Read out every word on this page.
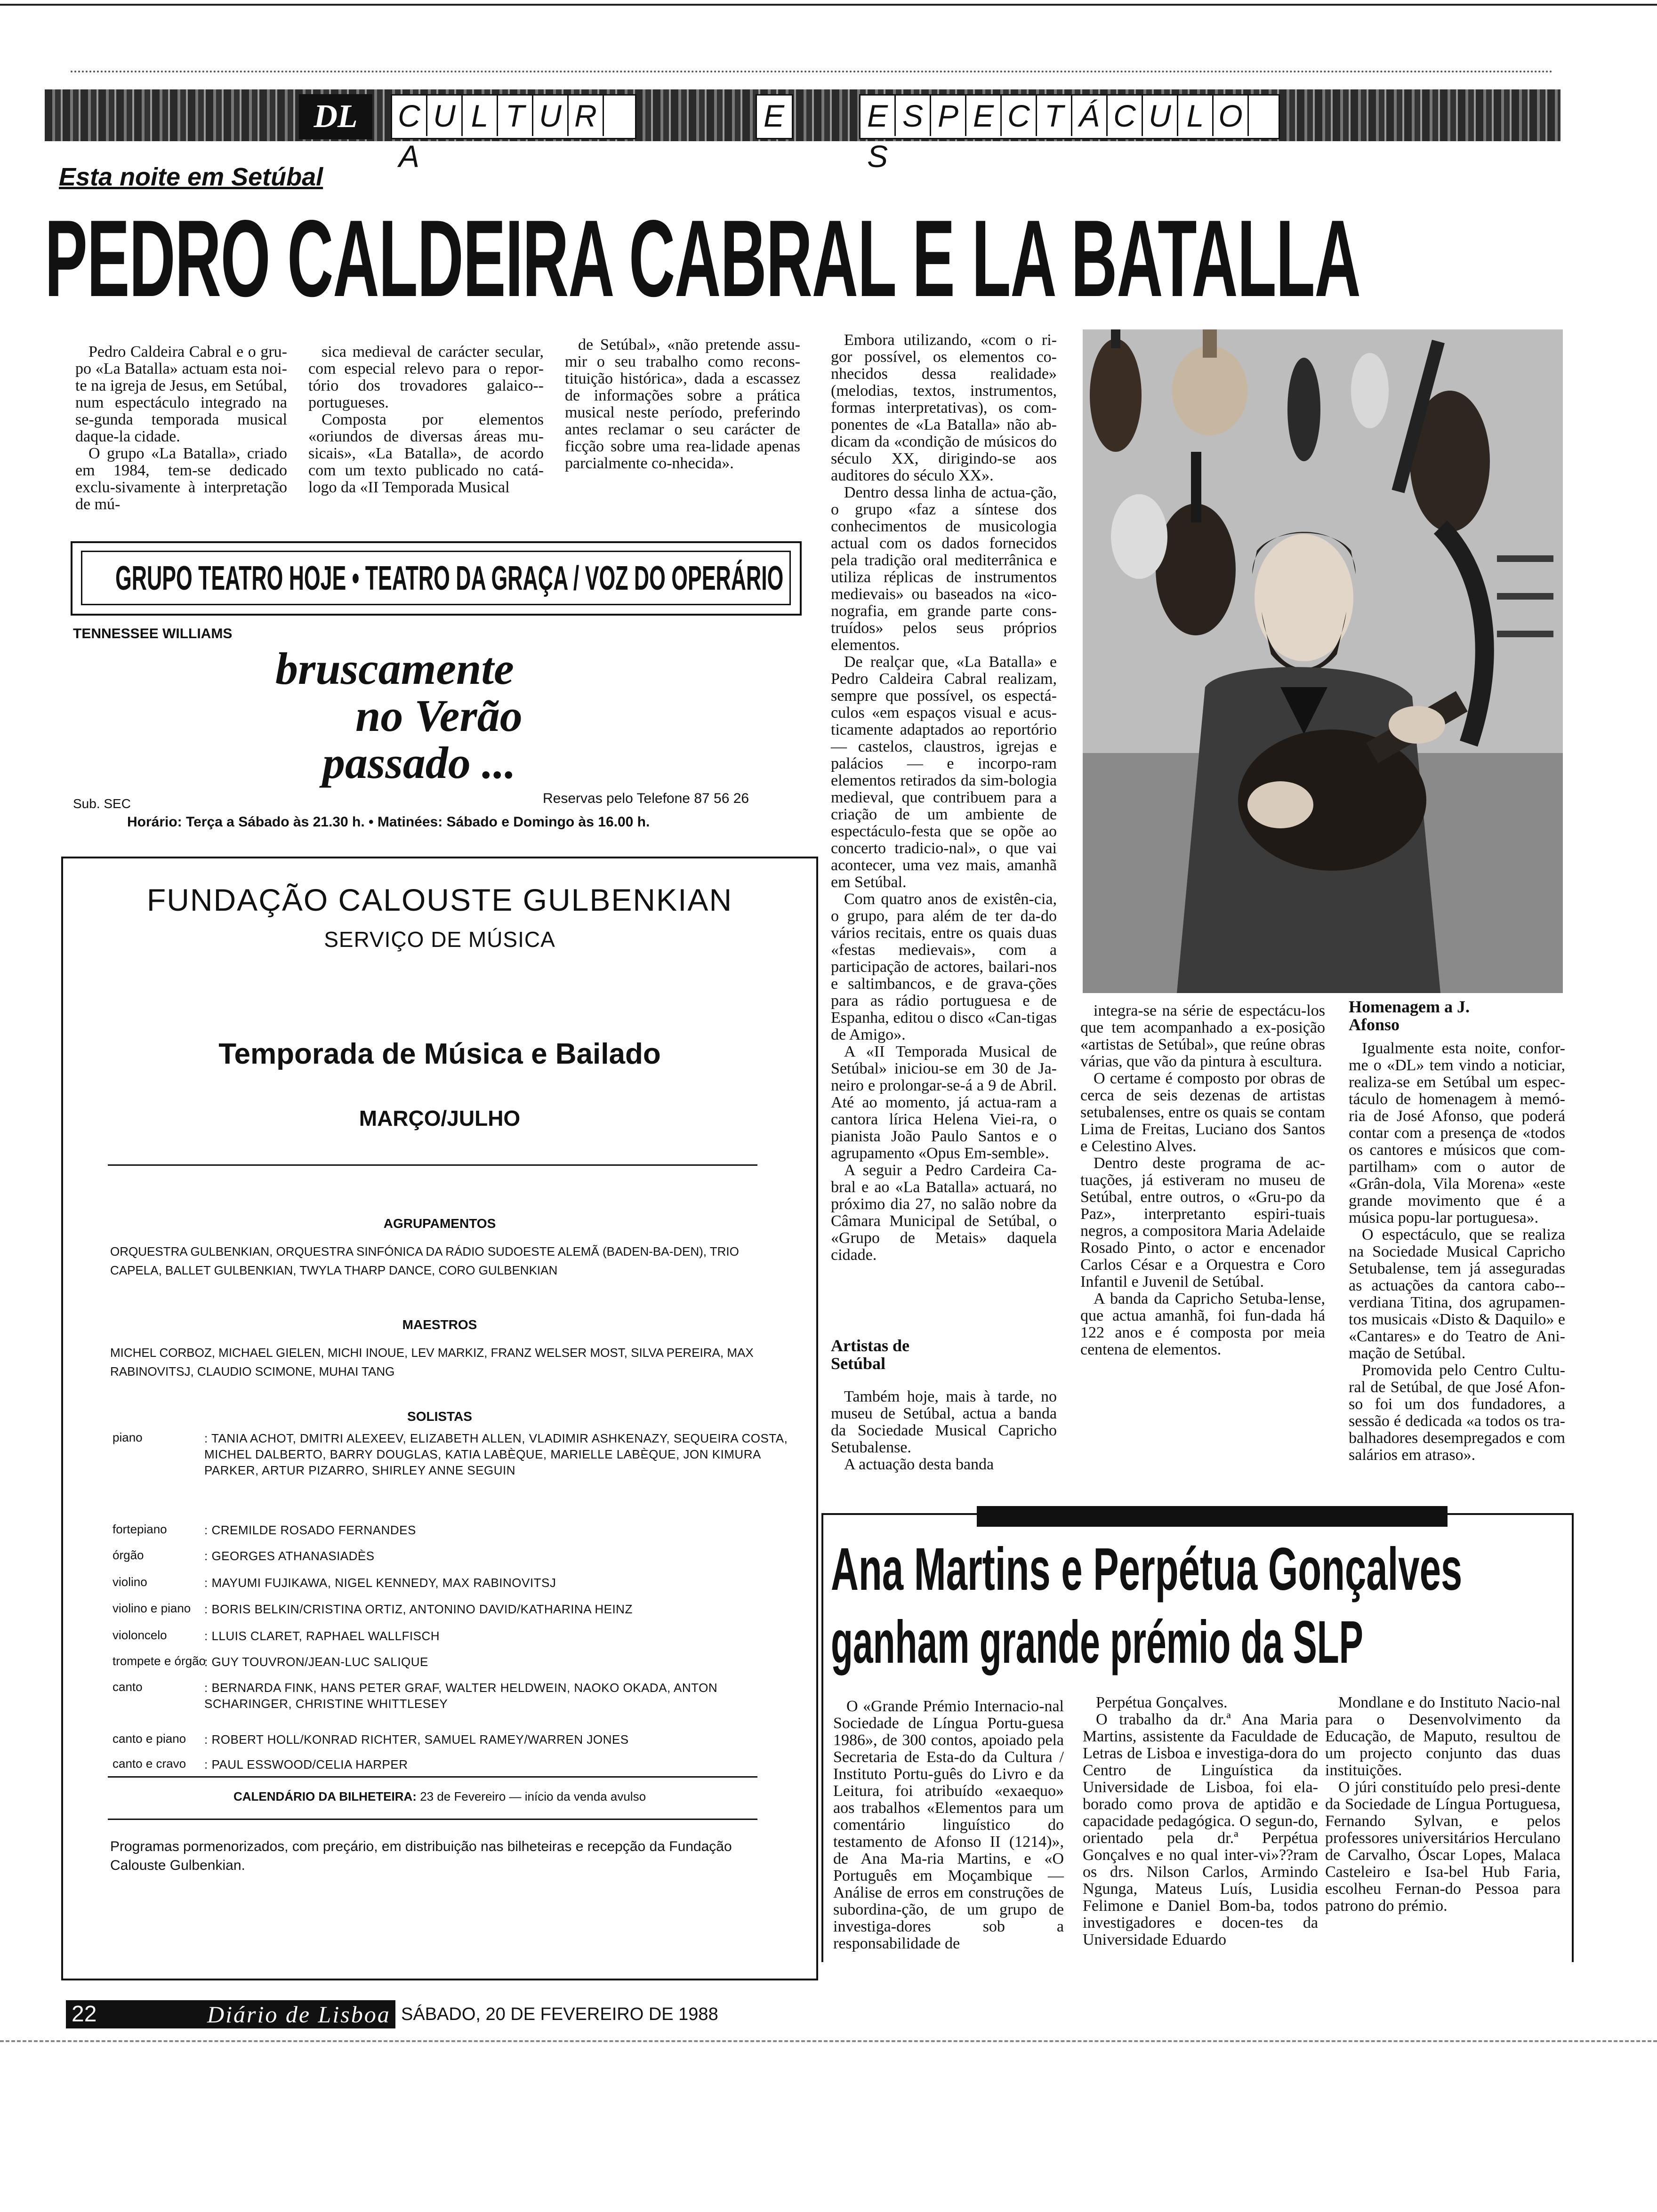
DL	C U L T U RA
E	E S P E C T Á C U L OS
Esta noite em Setúbal
PEDRO CALDEIRA CABRAL E LA BATALLA

Pedro Caldeira Cabral e o gru-po «La Batalla» actuam esta noi-te na igreja de Jesus, em Setúbal, num espectáculo integrado na se-gunda temporada musical daque-la cidade.

O grupo «La Batalla», criado em 1984, tem-se dedicado exclu-sivamente à interpretação de mú-

sica medieval de carácter secular, com especial relevo para o repor-tório dos trovadores galaico--portugueses.

Composta por elementos «oriundos de diversas áreas mu-sicais», «La Batalla», de acordo com um texto publicado no catá-logo da «II Temporada Musical

de Setúbal», «não pretende assu-mir o seu trabalho como recons-tituição histórica», dada a escassez de informações sobre a prática musical neste período, preferindo antes reclamar o seu carácter de ficção sobre uma rea-lidade apenas parcialmente co-nhecida».

Embora utilizando, «com o ri-gor possível, os elementos co-nhecidos dessa realidade» (melodias, textos, instrumentos, formas interpretativas), os com-ponentes de «La Batalla» não ab-dicam da «condição de músicos do século XX, dirigindo-se aos auditores do século XX».

Dentro dessa linha de actua-ção, o grupo «faz a síntese dos conhecimentos de musicologia actual com os dados fornecidos pela tradição oral mediterrânica e utiliza réplicas de instrumentos medievais» ou baseados na «ico-nografia, em grande parte cons-truídos» pelos seus próprios elementos.

De realçar que, «La Batalla» e Pedro Caldeira Cabral realizam, sempre que possível, os espectá-culos «em espaços visual e acus-ticamente adaptados ao reportório — castelos, claustros, igrejas e palácios — e incorpo-ram elementos retirados da sim-bologia medieval, que contribuem para a criação de um ambiente de espectáculo-festa que se opõe ao concerto tradicio-nal», o que vai acontecer, uma vez mais, amanhã em Setúbal.

Com quatro anos de existên-cia, o grupo, para além de ter da-do vários recitais, entre os quais duas «festas medievais», com a participação de actores, bailari-nos e saltimbancos, e de grava-ções para as rádio portuguesa e de Espanha, editou o disco «Can-tigas de Amigo».

A «II Temporada Musical de Setúbal» iniciou-se em 30 de Ja-neiro e prolongar-se-á a 9 de Abril. Até ao momento, já actua-ram a cantora lírica Helena Viei-ra, o pianista João Paulo Santos e o agrupamento «Opus Em-semble».

A seguir a Pedro Cardeira Ca-bral e ao «La Batalla» actuará, no próximo dia 27, no salão nobre da Câmara Municipal de Setúbal, o «Grupo de Metais» daquela cidade.

Artistas de Setúbal

Também hoje, mais à tarde, no museu de Setúbal, actua a banda da Sociedade Musical Capricho Setubalense.

A actuação desta banda

integra-se na série de espectácu-los que tem acompanhado a ex-posição «artistas de Setúbal», que reúne obras várias, que vão da pintura à escultura.

O certame é composto por obras de cerca de seis dezenas de artistas setubalenses, entre os quais se contam Lima de Freitas, Luciano dos Santos e Celestino Alves.

Dentro deste programa de ac-tuações, já estiveram no museu de Setúbal, entre outros, o «Gru-po da Paz», interpretanto espiri-tuais negros, a compositora Maria Adelaide Rosado Pinto, o actor e encenador Carlos César e a Orquestra e Coro Infantil e Juvenil de Setúbal.

A banda da Capricho Setuba-lense, que actua amanhã, foi fun-dada há 122 anos e é composta por meia centena de elementos.

Homenagem a J. Afonso

Igualmente esta noite, confor-me o «DL» tem vindo a noticiar, realiza-se em Setúbal um espec-táculo de homenagem à memó-ria de José Afonso, que poderá contar com a presença de «todos os cantores e músicos que com-partilham» com o autor de «Grân-dola, Vila Morena» «este grande movimento que é a música popu-lar portuguesa».

O espectáculo, que se realiza na Sociedade Musical Capricho Setubalense, tem já asseguradas as actuações da cantora cabo--verdiana Titina, dos agrupamen-tos musicais «Disto & Daquilo» e «Cantares» e do Teatro de Ani-mação de Setúbal.

Promovida pelo Centro Cultu-ral de Setúbal, de que José Afon-so foi um dos fundadores, a sessão é dedicada «a todos os tra-balhadores desempregados e com salários em atraso».

GRUPO TEATRO HOJE • TEATRO DA GRAÇA / VOZ DO OPERÁRIO
TENNESSEE WILLIAMS
bruscamente
no Verão
passado ...
Sub. SEC	Reservas pelo Telefone 87 56 26
Horário: Terça a Sábado às 21.30 h. • Matinées: Sábado e Domingo às 16.00 h.
FUNDAÇÃO CALOUSTE GULBENKIAN
SERVIÇO DE MÚSICA
Temporada de Música e Bailado
MARÇO/JULHO
AGRUPAMENTOS
ORQUESTRA GULBENKIAN, ORQUESTRA SINFÓNICA DA RÁDIO SUDOESTE ALEMÃ (BADEN-BA-DEN), TRIO CAPELA, BALLET GULBENKIAN, TWYLA THARP DANCE, CORO GULBENKIAN
MAESTROS
MICHEL CORBOZ, MICHAEL GIELEN, MICHI INOUE, LEV MARKIZ, FRANZ WELSER MOST, SILVA PEREIRA, MAX RABINOVITSJ, CLAUDIO SCIMONE, MUHAI TANG
SOLISTAS
piano	: TANIA ACHOT, DMITRI ALEXEEV, ELIZABETH ALLEN, VLADIMIR ASHKENAZY, SEQUEIRA COSTA, MICHEL DALBERTO, BARRY DOUGLAS, KATIA LABÈQUE, MARIELLE LABÈQUE, JON KIMURA PARKER, ARTUR PIZARRO, SHIRLEY ANNE SEGUIN
fortepiano	: CREMILDE ROSADO FERNANDES
órgão	: GEORGES ATHANASIADÈS
violino	: MAYUMI FUJIKAWA, NIGEL KENNEDY, MAX RABINOVITSJ
violino e piano : BORIS BELKIN/CRISTINA ORTIZ, ANTONINO DAVID/KATHARINA HEINZ
violoncelo	: LLUIS CLARET, RAPHAEL WALLFISCH
trompete e órgão
: GUY TOUVRON/JEAN-LUC SALIQUE
canto	: BERNARDA FINK, HANS PETER GRAF, WALTER HELDWEIN, NAOKO OKADA, ANTON SCHARINGER, CHRISTINE WHITTLESEY
canto e piano : ROBERT HOLL/KONRAD RICHTER, SAMUEL RAMEY/WARREN JONES
canto e cravo : PAUL ESSWOOD/CELIA HARPER
CALENDÁRIO DA BILHETEIRA: 23 de Fevereiro — início da venda avulso
Programas pormenorizados, com preçário, em distribuição nas bilheteiras e recepção da Fundação Calouste Gulbenkian.
Ana Martins e Perpétua Gonçalves
ganham grande prémio da SLP

O «Grande Prémio Internacio-nal Sociedade de Língua Portu-guesa 1986», de 300 contos, apoiado pela Secretaria de Esta-do da Cultura / Instituto Portu-guês do Livro e da Leitura, foi atribuído «exaequo» aos trabalhos «Elementos para um comentário linguístico do testamento de Afonso II (1214)», de Ana Ma-ria Martins, e «O Português em Moçambique — Análise de erros em construções de subordina-ção, de um grupo de investiga-dores sob a responsabilidade de

Perpétua Gonçalves.

O trabalho da dr.ª Ana Maria Martins, assistente da Faculdade de Letras de Lisboa e investiga-dora do Centro de Linguística da Universidade de Lisboa, foi ela-borado como prova de aptidão e capacidade pedagógica. O segun-do, orientado pela dr.ª Perpétua Gonçalves e no qual inter-vi»??ram os drs. Nilson Carlos, Armindo Ngunga, Mateus Luís, Lusidia Felimone e Daniel Bom-ba, todos investigadores e docen-tes da Universidade Eduardo

Mondlane e do Instituto Nacio-nal para o Desenvolvimento da Educação, de Maputo, resultou de um projecto conjunto das duas instituições.

O júri constituído pelo presi-dente da Sociedade de Língua Portuguesa, Fernando Sylvan, e pelos professores universitários Herculano de Carvalho, Óscar Lopes, Malaca Casteleiro e Isa-bel Hub Faria, escolheu Fernan-do Pessoa para patrono do prémio.

22	Diário de Lisboa SÁBADO, 20 DE FEVEREIRO DE 1988
